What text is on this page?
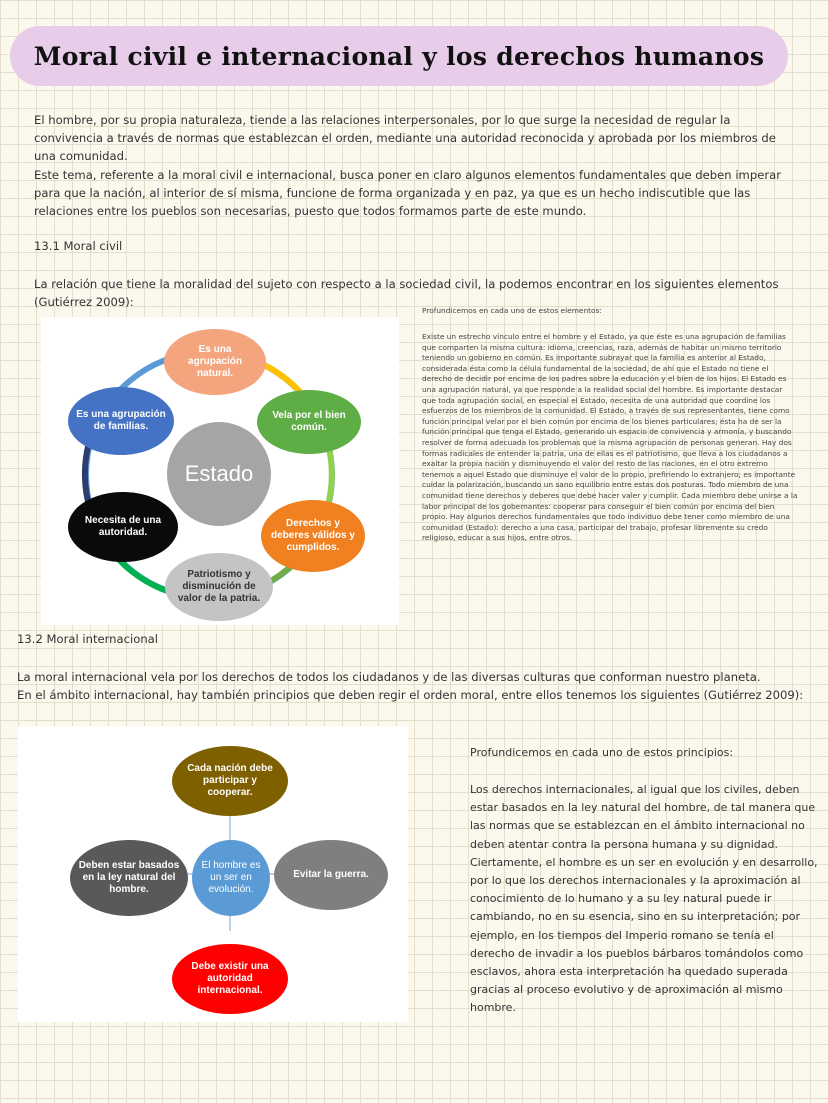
Moral civil e internacional y los derechos humanos

El hombre, por su propia naturaleza, tiende a las relaciones interpersonales, por lo que surge la necesidad de regular la convivencia a través de normas que establezcan el orden, mediante una autoridad reconocida y aprobada por los miembros de una comunidad.

Este tema, referente a la moral civil e internacional, busca poner en claro algunos elementos fundamentales que deben imperar para que la nación, al interior de sí misma, funcione de forma organizada y en paz, ya que es un hecho indiscutible que las relaciones entre los pueblos son necesarias, puesto que todos formamos parte de este mundo.

13.1 Moral civil

La relación que tiene la moralidad del sujeto con respecto a la sociedad civil, la podemos encontrar en los siguientes elementos (Gutiérrez 2009):

Estado
Es una agrupación natural.
Vela por el bien común.
Derechos y deberes válidos y cumplidos.
Patriotismo y disminución de valor de la patria.
Necesita de una autoridad.
Es una agrupación de familias.

Profundicemos en cada uno de estos elementos:

Existe un estrecho vínculo entre el hombre y el Estado, ya que éste es una agrupación de familias que comparten la misma cultura: idioma, creencias, raza, además de habitar un mismo territorio teniendo un gobierno en común. Es importante subrayar que la familia es anterior al Estado, considerada ésta como la célula fundamental de la sociedad, de ahí que el Estado no tiene el derecho de decidir por encima de los padres sobre la educación y el bien de los hijos. El Estado es una agrupación natural, ya que responde a la realidad social del hombre. Es importante destacar que toda agrupación social, en especial el Estado, necesita de una autoridad que coordine los esfuerzos de los miembros de la comunidad. El Estado, a través de sus representantes, tiene como función principal velar por el bien común por encima de los bienes particulares; ésta ha de ser la función principal que tenga el Estado, generando un espacio de convivencia y armonía, y buscando resolver de forma adecuada los problemas que la misma agrupación de personas generan. Hay dos formas radicales de entender la patria, una de ellas es el patriotismo, que lleva a los ciudadanos a exaltar la propia nación y disminuyendo el valor del resto de las naciones, en el otro extremo tenemos a aquel Estado que disminuye el valor de lo propio, prefiriendo lo extranjero; es importante cuidar la polarización, buscando un sano equilibrio entre estas dos posturas. Todo miembro de una comunidad tiene derechos y deberes que debe hacer valer y cumplir. Cada miembro debe unirse a la labor principal de los gobernantes: cooperar para conseguir el bien común por encima del bien propio. Hay algunos derechos fundamentales que todo individuo debe tener como miembro de una comunidad (Estado): derecho a una casa, participar del trabajo, profesar libremente su credo religioso, educar a sus hijos, entre otros.

13.2 Moral internacional

La moral internacional vela por los derechos de todos los ciudadanos y de las diversas culturas que conforman nuestro planeta.

En el ámbito internacional, hay también principios que deben regir el orden moral, entre ellos tenemos los siguientes (Gutiérrez 2009):

Cada nación debe participar y cooperar.
Evitar la guerra.
Debe existir una autoridad internacional.
Deben estar basados en la ley natural del hombre.
El hombre es un ser en evolución.

Profundicemos en cada uno de estos principios:

Los derechos internacionales, al igual que los civiles, deben estar basados en la ley natural del hombre, de tal manera que las normas que se establezcan en el ámbito internacional no deben atentar contra la persona humana y su dignidad. Ciertamente, el hombre es un ser en evolución y en desarrollo, por lo que los derechos internacionales y la aproximación al conocimiento de lo humano y a su ley natural puede ir cambiando, no en su esencia, sino en su interpretación; por ejemplo, en los tiempos del Imperio romano se tenía el derecho de invadir a los pueblos bárbaros tomándolos como esclavos, ahora esta interpretación ha quedado superada gracias al proceso evolutivo y de aproximación al mismo hombre.
